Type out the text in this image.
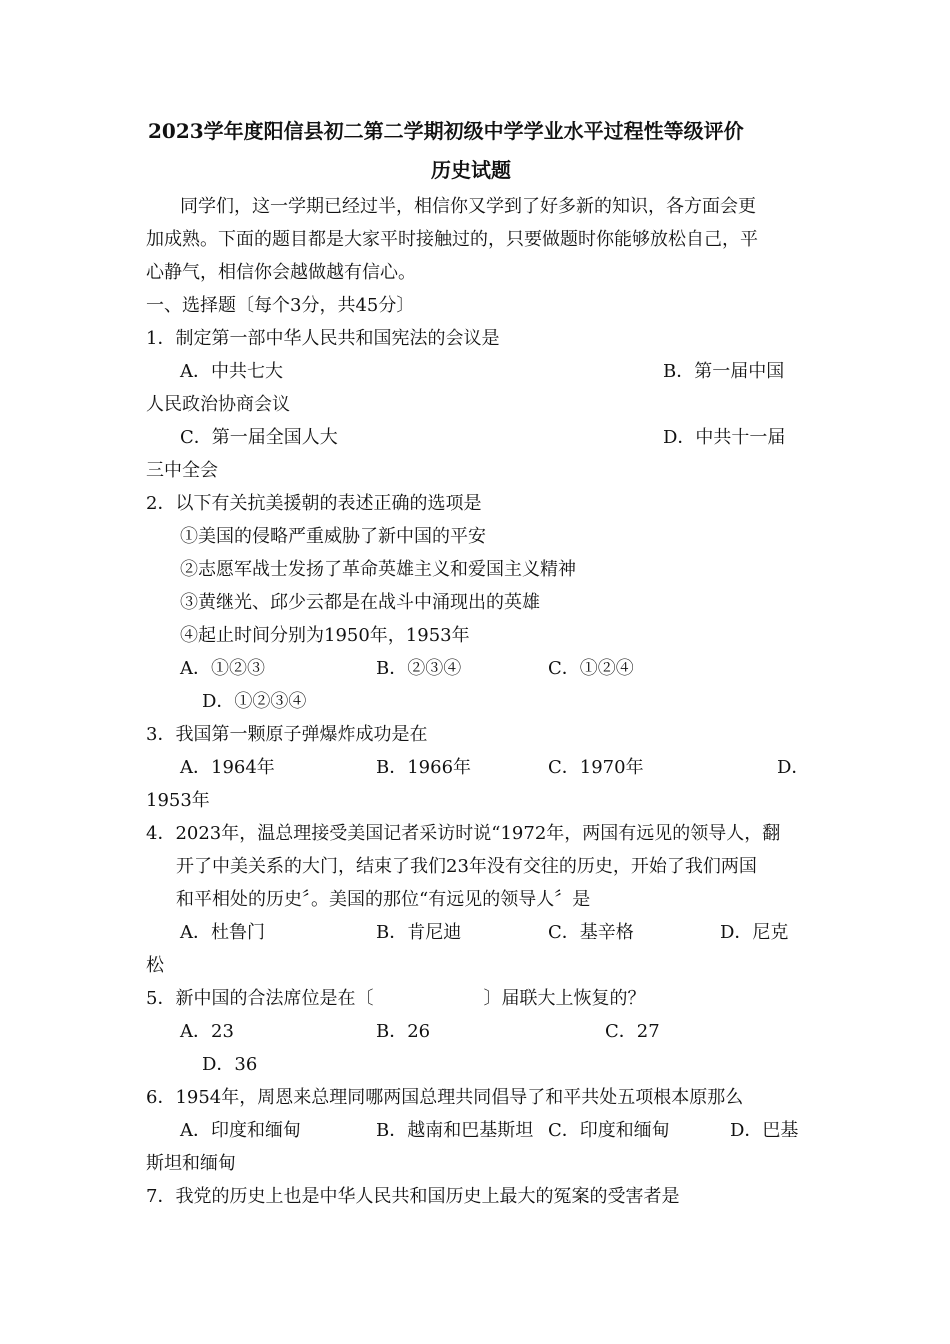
2023学年度阳信县初二第二学期初级中学学业水平过程性等级评价
历史试题
同学们，这一学期已经过半，相信你又学到了好多新的知识，各方面会更
加成熟。下面的题目都是大家平时接触过的，只要做题时你能够放松自己，平
心静气，相信你会越做越有信心。
一、选择题〔每个3分，共45分〕
1．制定第一部中华人民共和国宪法的会议是
A．中共七大	B．第一届中国
人民政治协商会议
C．第一届全国人大	D．中共十一届
三中全会
2．以下有关抗美援朝的表述正确的选项是
①美国的侵略严重威胁了新中国的平安
②志愿军战士发扬了革命英雄主义和爱国主义精神
③黄继光、邱少云都是在战斗中涌现出的英雄
④起止时间分别为1950年，1953年
A．①②③	B．②③④	C．①②④
D．①②③④
3．我国第一颗原子弹爆炸成功是在
A．1964年	B．1966年	C．1970年	D．
1953年
4．2023年，温总理接受美国记者采访时说“1972年，两国有远见的领导人，翻
开了中美关系的大门，结束了我们23年没有交往的历史，开始了我们两国
和平相处的历史〞。美国的那位“有远见的领导人〞是
A．杜鲁门	B．肯尼迪	C．基辛格	D．尼克
松
5．新中国的合法席位是在〔	〕届联大上恢复的？
A．23	B．26	C．27
D．36
6．1954年，周恩来总理同哪两国总理共同倡导了和平共处五项根本原那么
A．印度和缅甸	B．越南和巴基斯坦 C．印度和缅甸	D．巴基
斯坦和缅甸
7．我党的历史上也是中华人民共和国历史上最大的冤案的受害者是
